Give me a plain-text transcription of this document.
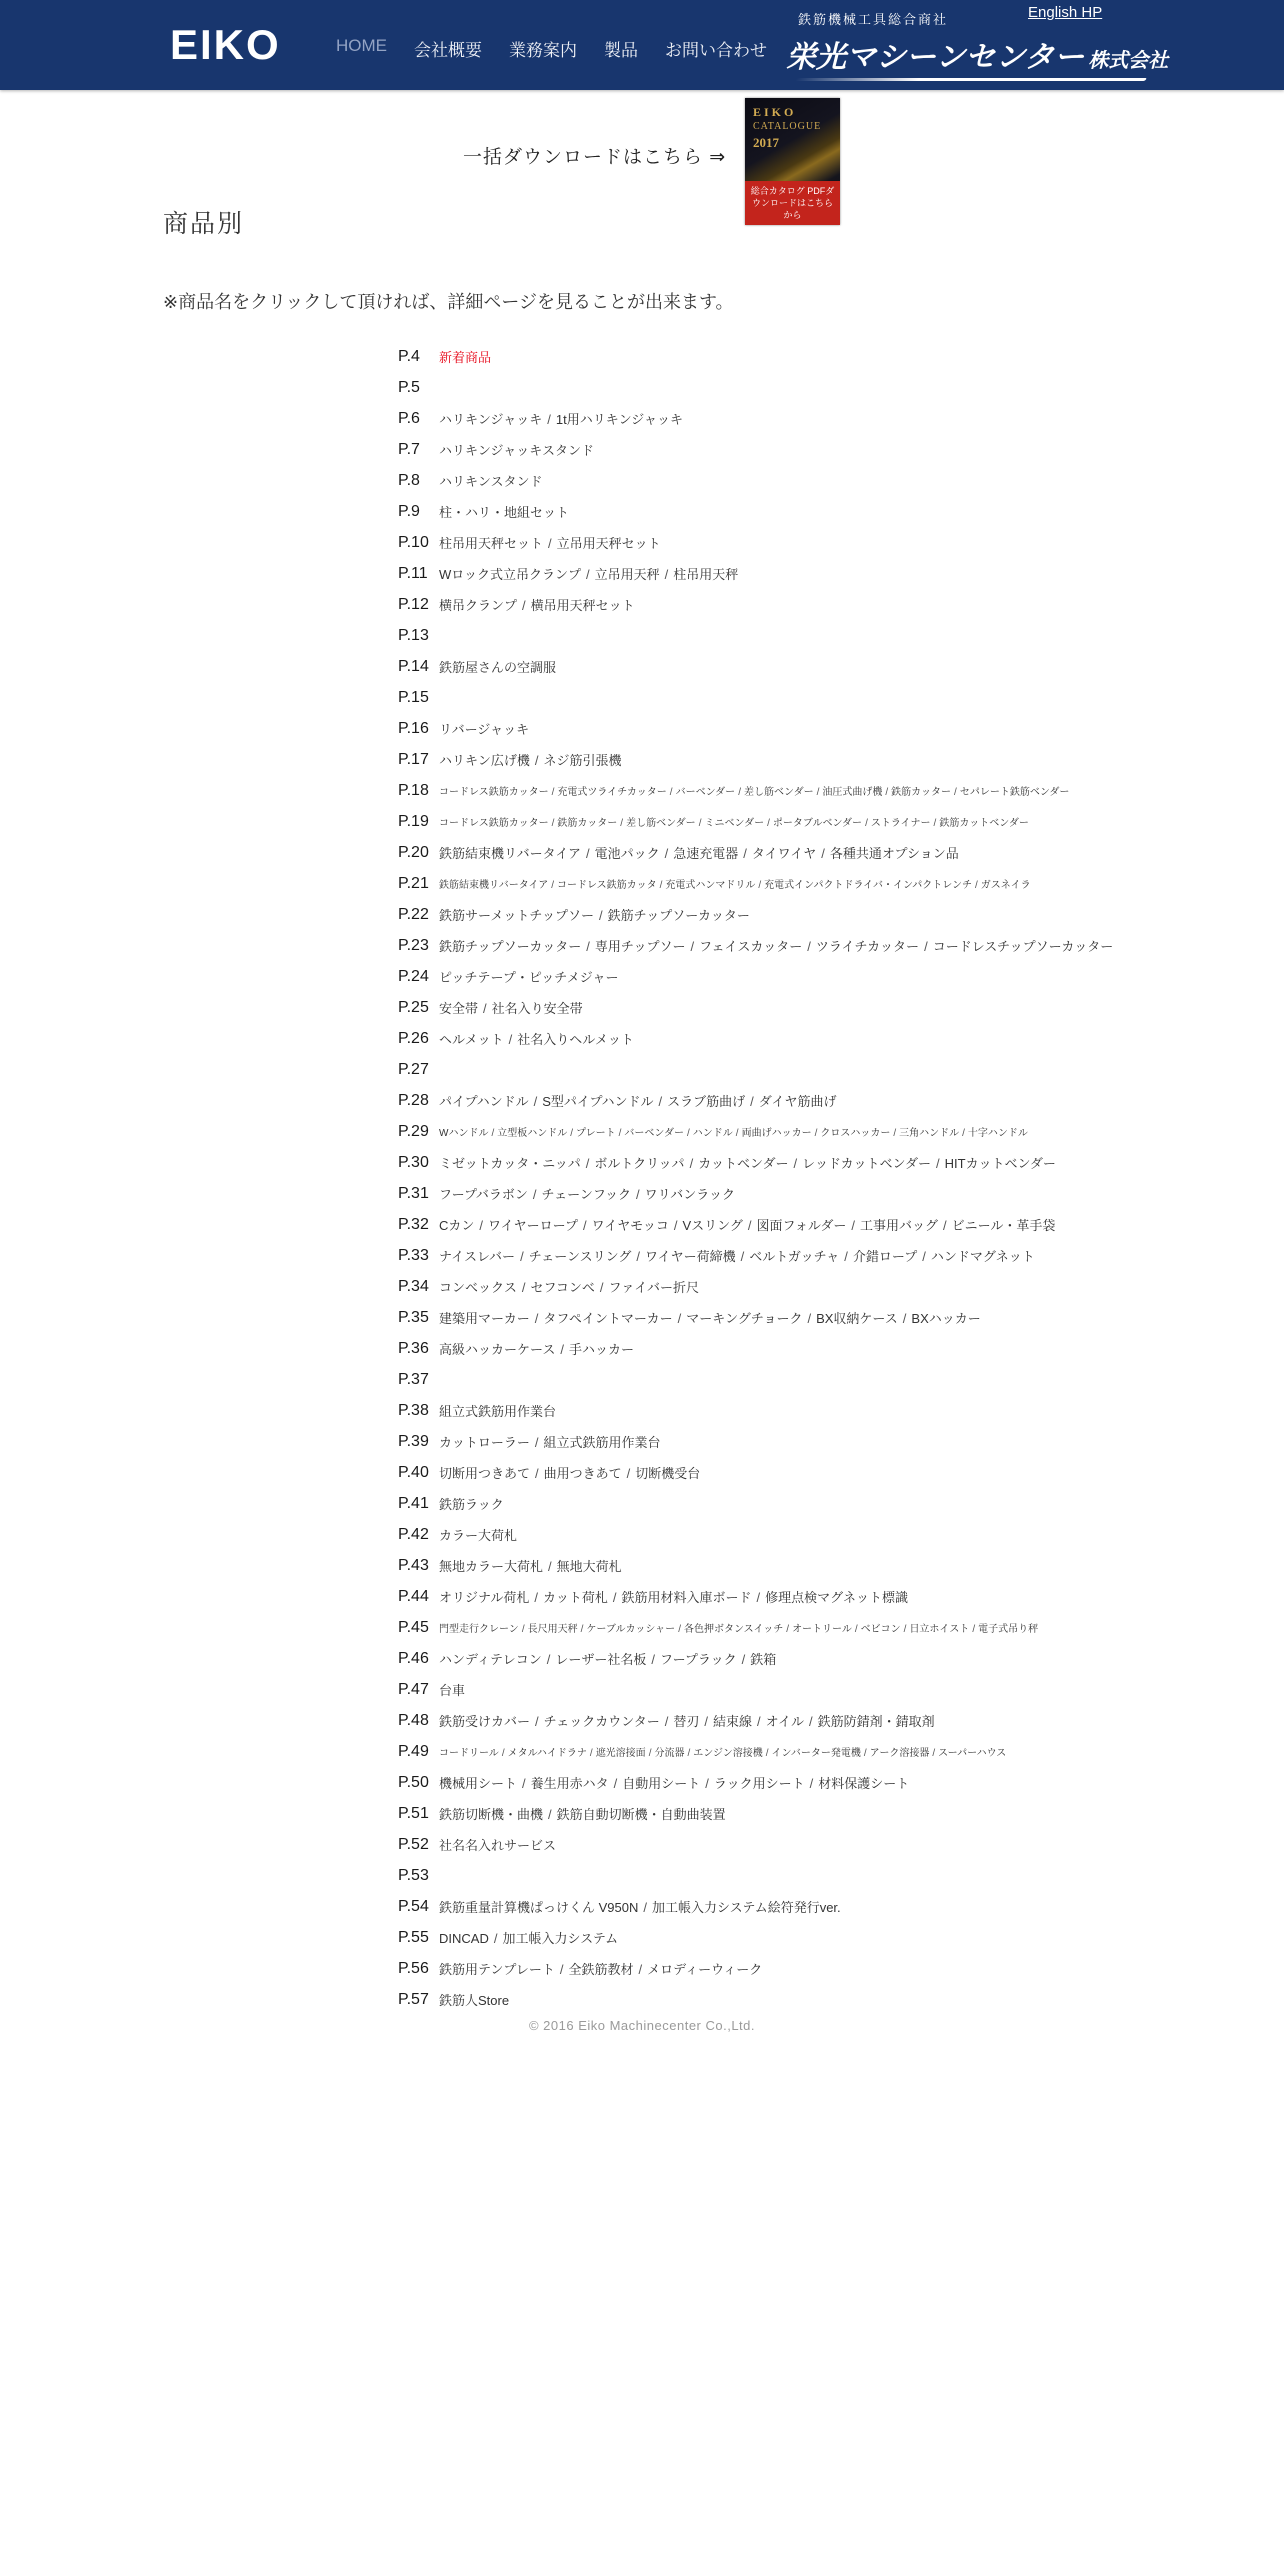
EIKO	HOME 会社概要 業務案内 製品 お問い合わせ
English HP
鉄筋機械工具総合商社
栄光マシーンセンター 株式会社
一括ダウンロードはこちら ⇒
EIKO
CATALOGUE
2017
総合カタログ PDFダウンロードはこちらから
商品別

※商品名をクリックして頂ければ、詳細ページを見ることが出来ます。

P.4	新着商品
P.5
P.6	ハリキンジャッキ / 1t用ハリキンジャッキ
P.7	ハリキンジャッキスタンド
P.8	ハリキンスタンド
P.9	柱・ハリ・地組セット
P.10 柱吊用天秤セット / 立吊用天秤セット
P.11 Wロック式立吊クランプ / 立吊用天秤 / 柱吊用天秤
P.12 横吊クランプ / 横吊用天秤セット
P.13
P.14 鉄筋屋さんの空調服
P.15
P.16 リバージャッキ
P.17 ハリキン広げ機 / ネジ筋引張機
P.18	コードレス鉄筋カッター / 充電式ツライチカッター / バーベンダー / 差し筋ベンダー / 油圧式曲げ機 / 鉄筋カッター / セパレート鉄筋ベンダー
P.19	コードレス鉄筋カッター / 鉄筋カッター / 差し筋ベンダー / ミニベンダー / ポータブルベンダー / ストライナー / 鉄筋カットベンダー
P.20 鉄筋結束機リバータイア / 電池パック / 急速充電器 / タイワイヤ / 各種共通オプション品
P.21	鉄筋結束機リバータイア / コードレス鉄筋カッタ / 充電式ハンマドリル / 充電式インパクトドライバ・インパクトレンチ / ガスネイラ
P.22 鉄筋サーメットチップソー / 鉄筋チップソーカッター
P.23 鉄筋チップソーカッター / 専用チップソー / フェイスカッター / ツライチカッター / コードレスチップソーカッター
P.24 ピッチテープ・ピッチメジャー
P.25 安全帯 / 社名入り安全帯
P.26 ヘルメット / 社名入りヘルメット
P.27
P.28 パイプハンドル / S型パイプハンドル / スラブ筋曲げ / ダイヤ筋曲げ
P.29	Wハンドル / 立型板ハンドル / プレート / バーベンダー / ハンドル / 両曲げハッカー / クロスハッカー / 三角ハンドル / 十字ハンドル
P.30 ミゼットカッタ・ニッパ / ボルトクリッパ / カットベンダー / レッドカットベンダー / HITカットベンダー
P.31 フープバラボン / チェーンフック / ワリバンラック
P.32 Cカン / ワイヤーロープ / ワイヤモッコ / Vスリング / 図面フォルダー / 工事用バッグ / ビニール・革手袋
P.33 ナイスレバー / チェーンスリング / ワイヤー荷締機 / ベルトガッチャ / 介錯ロープ / ハンドマグネット
P.34 コンベックス / セフコンベ / ファイバー折尺
P.35 建築用マーカー / タフペイントマーカー / マーキングチョーク / BX収納ケース / BXハッカー
P.36 高級ハッカーケース / 手ハッカー
P.37
P.38 組立式鉄筋用作業台
P.39 カットローラー / 組立式鉄筋用作業台
P.40 切断用つきあて / 曲用つきあて / 切断機受台
P.41 鉄筋ラック
P.42 カラー大荷札
P.43 無地カラー大荷札 / 無地大荷札
P.44 オリジナル荷札 / カット荷札 / 鉄筋用材料入庫ボード / 修理点検マグネット標識
P.45	門型走行クレーン / 長尺用天秤 / ケーブルカッシャー / 各色押ボタンスイッチ / オートリール / ベビコン / 日立ホイスト / 電子式吊り秤
P.46 ハンディテレコン / レーザー社名板 / フープラック / 鉄箱
P.47 台車
P.48 鉄筋受けカバー / チェックカウンター / 替刃 / 結束線 / オイル / 鉄筋防錆剤・錆取剤
P.49	コードリール / メタルハイドラナ / 遮光溶接面 / 分流器 / エンジン溶接機 / インバーター発電機 / アーク溶接器 / スーパーハウス
P.50 機械用シート / 養生用赤ハタ / 自動用シート / ラック用シート / 材料保護シート
P.51 鉄筋切断機・曲機 / 鉄筋自動切断機・自動曲装置
P.52 社名名入れサービス
P.53
P.54 鉄筋重量計算機ぱっけくん V950N / 加工帳入力システム絵符発行ver.
P.55 DINCAD / 加工帳入力システム
P.56 鉄筋用テンプレート / 全鉄筋教材 / メロディーウィーク
P.57 鉄筋人Store
© 2016 Eiko Machinecenter Co.,Ltd.
